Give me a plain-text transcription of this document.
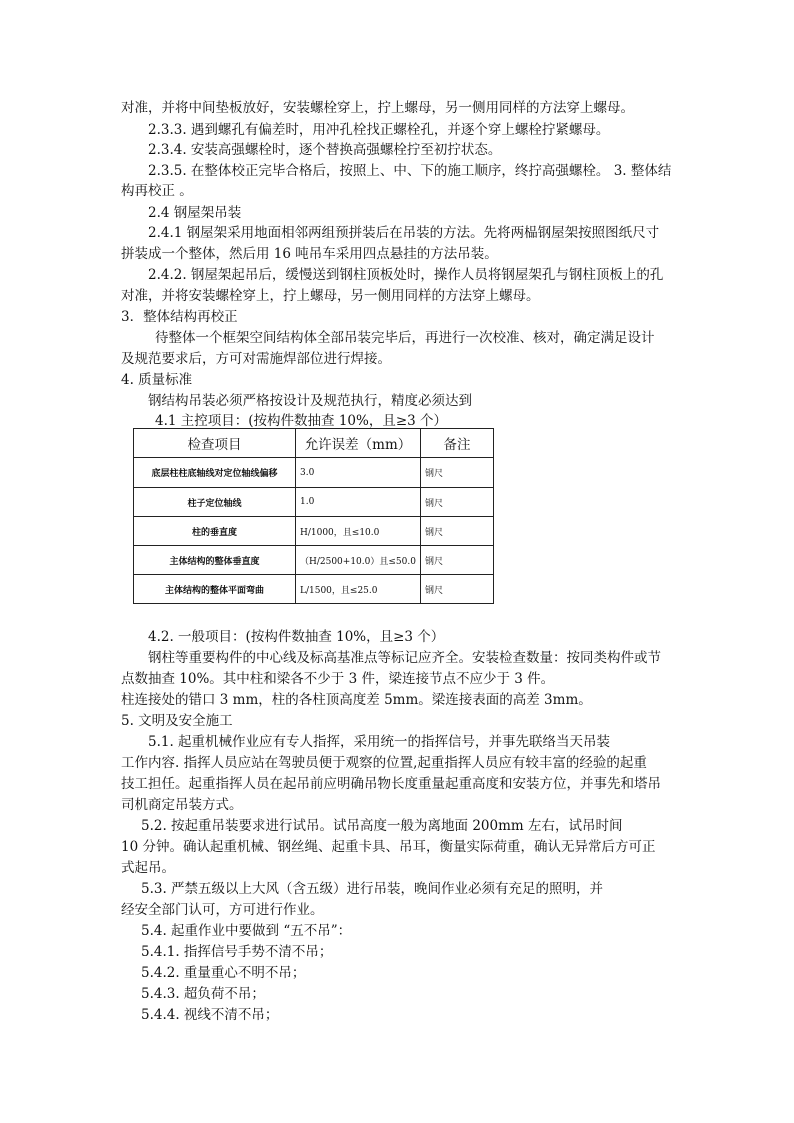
对准，并将中间垫板放好，安装螺栓穿上，拧上螺母，另一侧用同样的方法穿上螺母。
2.3.3. 遇到螺孔有偏差时，用冲孔栓找正螺栓孔，并逐个穿上螺栓拧紧螺母。
2.3.4. 安装高强螺栓时，逐个替换高强螺栓拧至初拧状态。
2.3.5. 在整体校正完毕合格后，按照上、中、下的施工顺序，终拧高强螺栓。 3. 整体结
构再校正 。
2.4 钢屋架吊装
2.4.1 钢屋架采用地面相邻两组预拼装后在吊装的方法。先将两榀钢屋架按照图纸尺寸
拼装成一个整体，然后用 16 吨吊车采用四点悬挂的方法吊装。
2.4.2. 钢屋架起吊后，缓慢送到钢柱顶板处时，操作人员将钢屋架孔与钢柱顶板上的孔
对准，并将安装螺栓穿上，拧上螺母，另一侧用同样的方法穿上螺母。
3．整体结构再校正
待整体一个框架空间结构体全部吊装完毕后，再进行一次校准、核对，确定满足设计
及规范要求后，方可对需施焊部位进行焊接。
4. 质量标准
钢结构吊装必须严格按设计及规范执行，精度必须达到
4.1 主控项目：(按构件数抽查 10%，且≥3 个）
检查项目	允许误差（mm）	备注
底层柱柱底轴线对定位轴线偏移	3.0	钢尺
柱子定位轴线	1.0	钢尺
柱的垂直度	H/1000，且≤10.0	钢尺
主体结构的整体垂直度	（H/2500+10.0）且≤50.0	钢尺
主体结构的整体平面弯曲	L/1500，且≤25.0	钢尺
4.2. 一般项目：(按构件数抽查 10%，且≥3 个）
钢柱等重要构件的中心线及标高基准点等标记应齐全。安装检查数量：按同类构件或节
点数抽查 10%。其中柱和梁各不少于 3 件，梁连接节点不应少于 3 件。
柱连接处的错口 3 mm，柱的各柱顶高度差 5mm。梁连接表面的高差 3mm。
5. 文明及安全施工
5.1. 起重机械作业应有专人指挥，采用统一的指挥信号，并事先联络当天吊装
工作内容. 指挥人员应站在驾驶员便于观察的位置,起重指挥人员应有较丰富的经验的起重
技工担任。起重指挥人员在起吊前应明确吊物长度重量起重高度和安装方位，并事先和塔吊
司机商定吊装方式。
5.2. 按起重吊装要求进行试吊。试吊高度一般为离地面 200mm 左右，试吊时间
10 分钟。确认起重机械、钢丝绳、起重卡具、吊耳，衡量实际荷重，确认无异常后方可正
式起吊。
5.3. 严禁五级以上大风（含五级）进行吊装，晚间作业必须有充足的照明，并
经安全部门认可，方可进行作业。
5.4. 起重作业中要做到 “五不吊”：
5.4.1. 指挥信号手势不清不吊；
5.4.2. 重量重心不明不吊；
5.4.3. 超负荷不吊；
5.4.4. 视线不清不吊；
